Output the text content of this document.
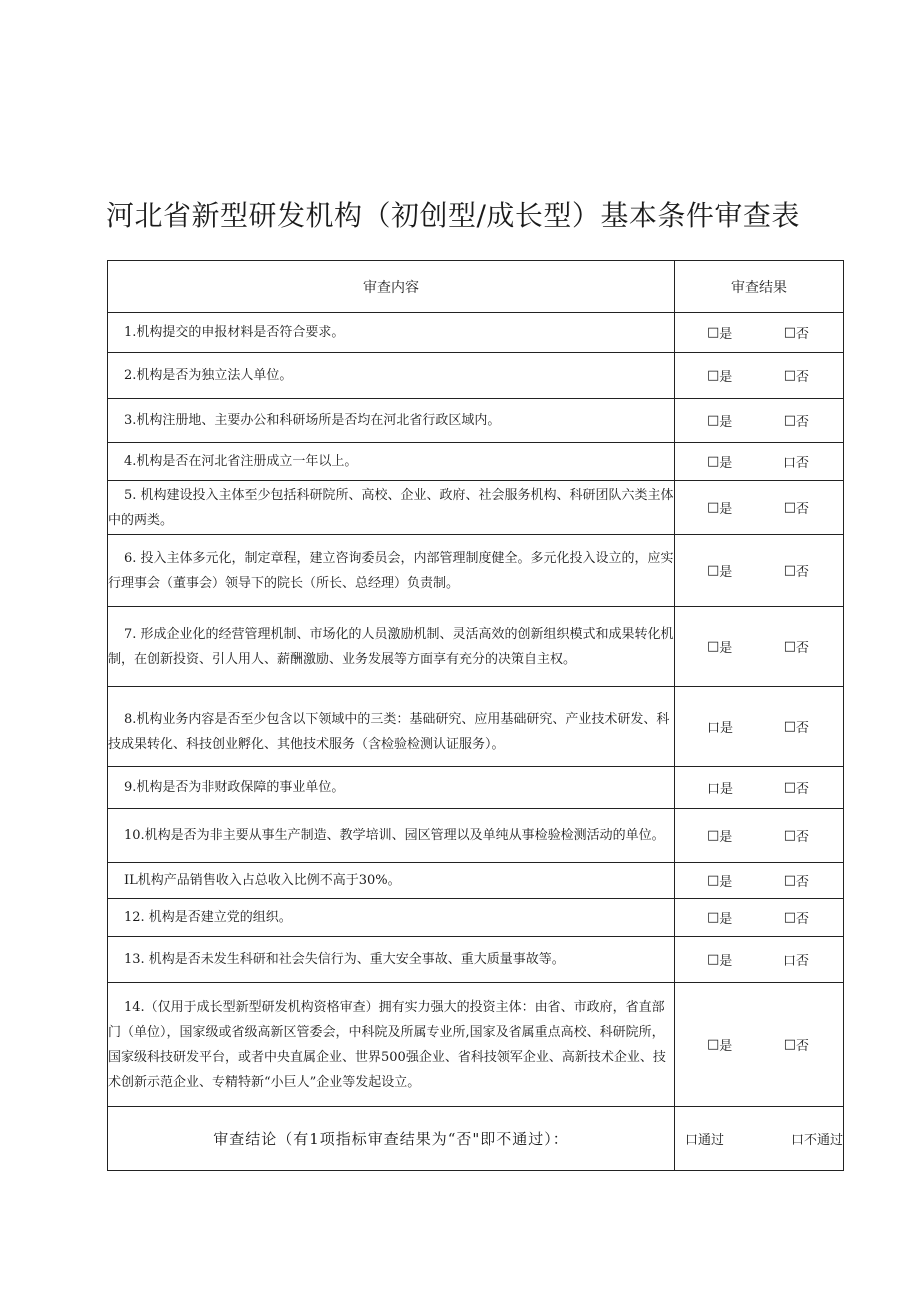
河北省新型研发机构（初创型/成长型）基本条件审查表
审查内容	审查结果

1.机构提交的申报材料是否符合要求。	□ 是 □ 否

2.机构是否为独立法人单位。	□ 是 □ 否

3.机构注册地、主要办公和科研场所是否均在河北省行政区域内。	□ 是 □ 否

4.机构是否在河北省注册成立一年以上。	□ 是 口 否

5. 机构建设投入主体至少包括科研院所、高校、企业、政府、社会服务机构、科研团队六类主体中的两类。	□ 是 □ 否

6. 投入主体多元化，制定章程，建立咨询委员会，内部管理制度健全。多元化投入设立的，应实行理事会（董事会）领导下的院长（所长、总经理）负责制。	□ 是 □ 否

7. 形成企业化的经营管理机制、市场化的人员激励机制、灵活高效的创新组织模式和成果转化机制，在创新投资、引人用人、薪酬激励、业务发展等方面享有充分的决策自主权。	□ 是 □ 否

8.机构业务内容是否至少包含以下领域中的三类：基础研究、应用基础研究、产业技术研发、科技成果转化、科技创业孵化、其他技术服务（含检验检测认证服务）。	口 是 □ 否

9.机构是否为非财政保障的事业单位。	口 是 □ 否

10.机构是否为非主要从事生产制造、教学培训、园区管理以及单纯从事检验检测活动的单位。	□ 是 □ 否

IL机构产品销售收入占总收入比例不高于30%。	□ 是 □ 否

12. 机构是否建立党的组织。	□ 是 □ 否

13. 机构是否未发生科研和社会失信行为、重大安全事故、重大质量事故等。	□ 是 口 否

14.（仅用于成长型新型研发机构资格审查）拥有实力强大的投资主体：由省、市政府，省直部门（单位），国家级或省级高新区管委会，中科院及所属专业所,国家及省属重点高校、科研院所，国家级科技研发平台，或者中央直属企业、世界500强企业、省科技领军企业、高新技术企业、技术创新示范企业、专精特新“小巨人”企业等发起设立。	□ 是 □ 否

审查结论（有1项指标审查结果为“否"即不通过）：	口通过 口不通过
